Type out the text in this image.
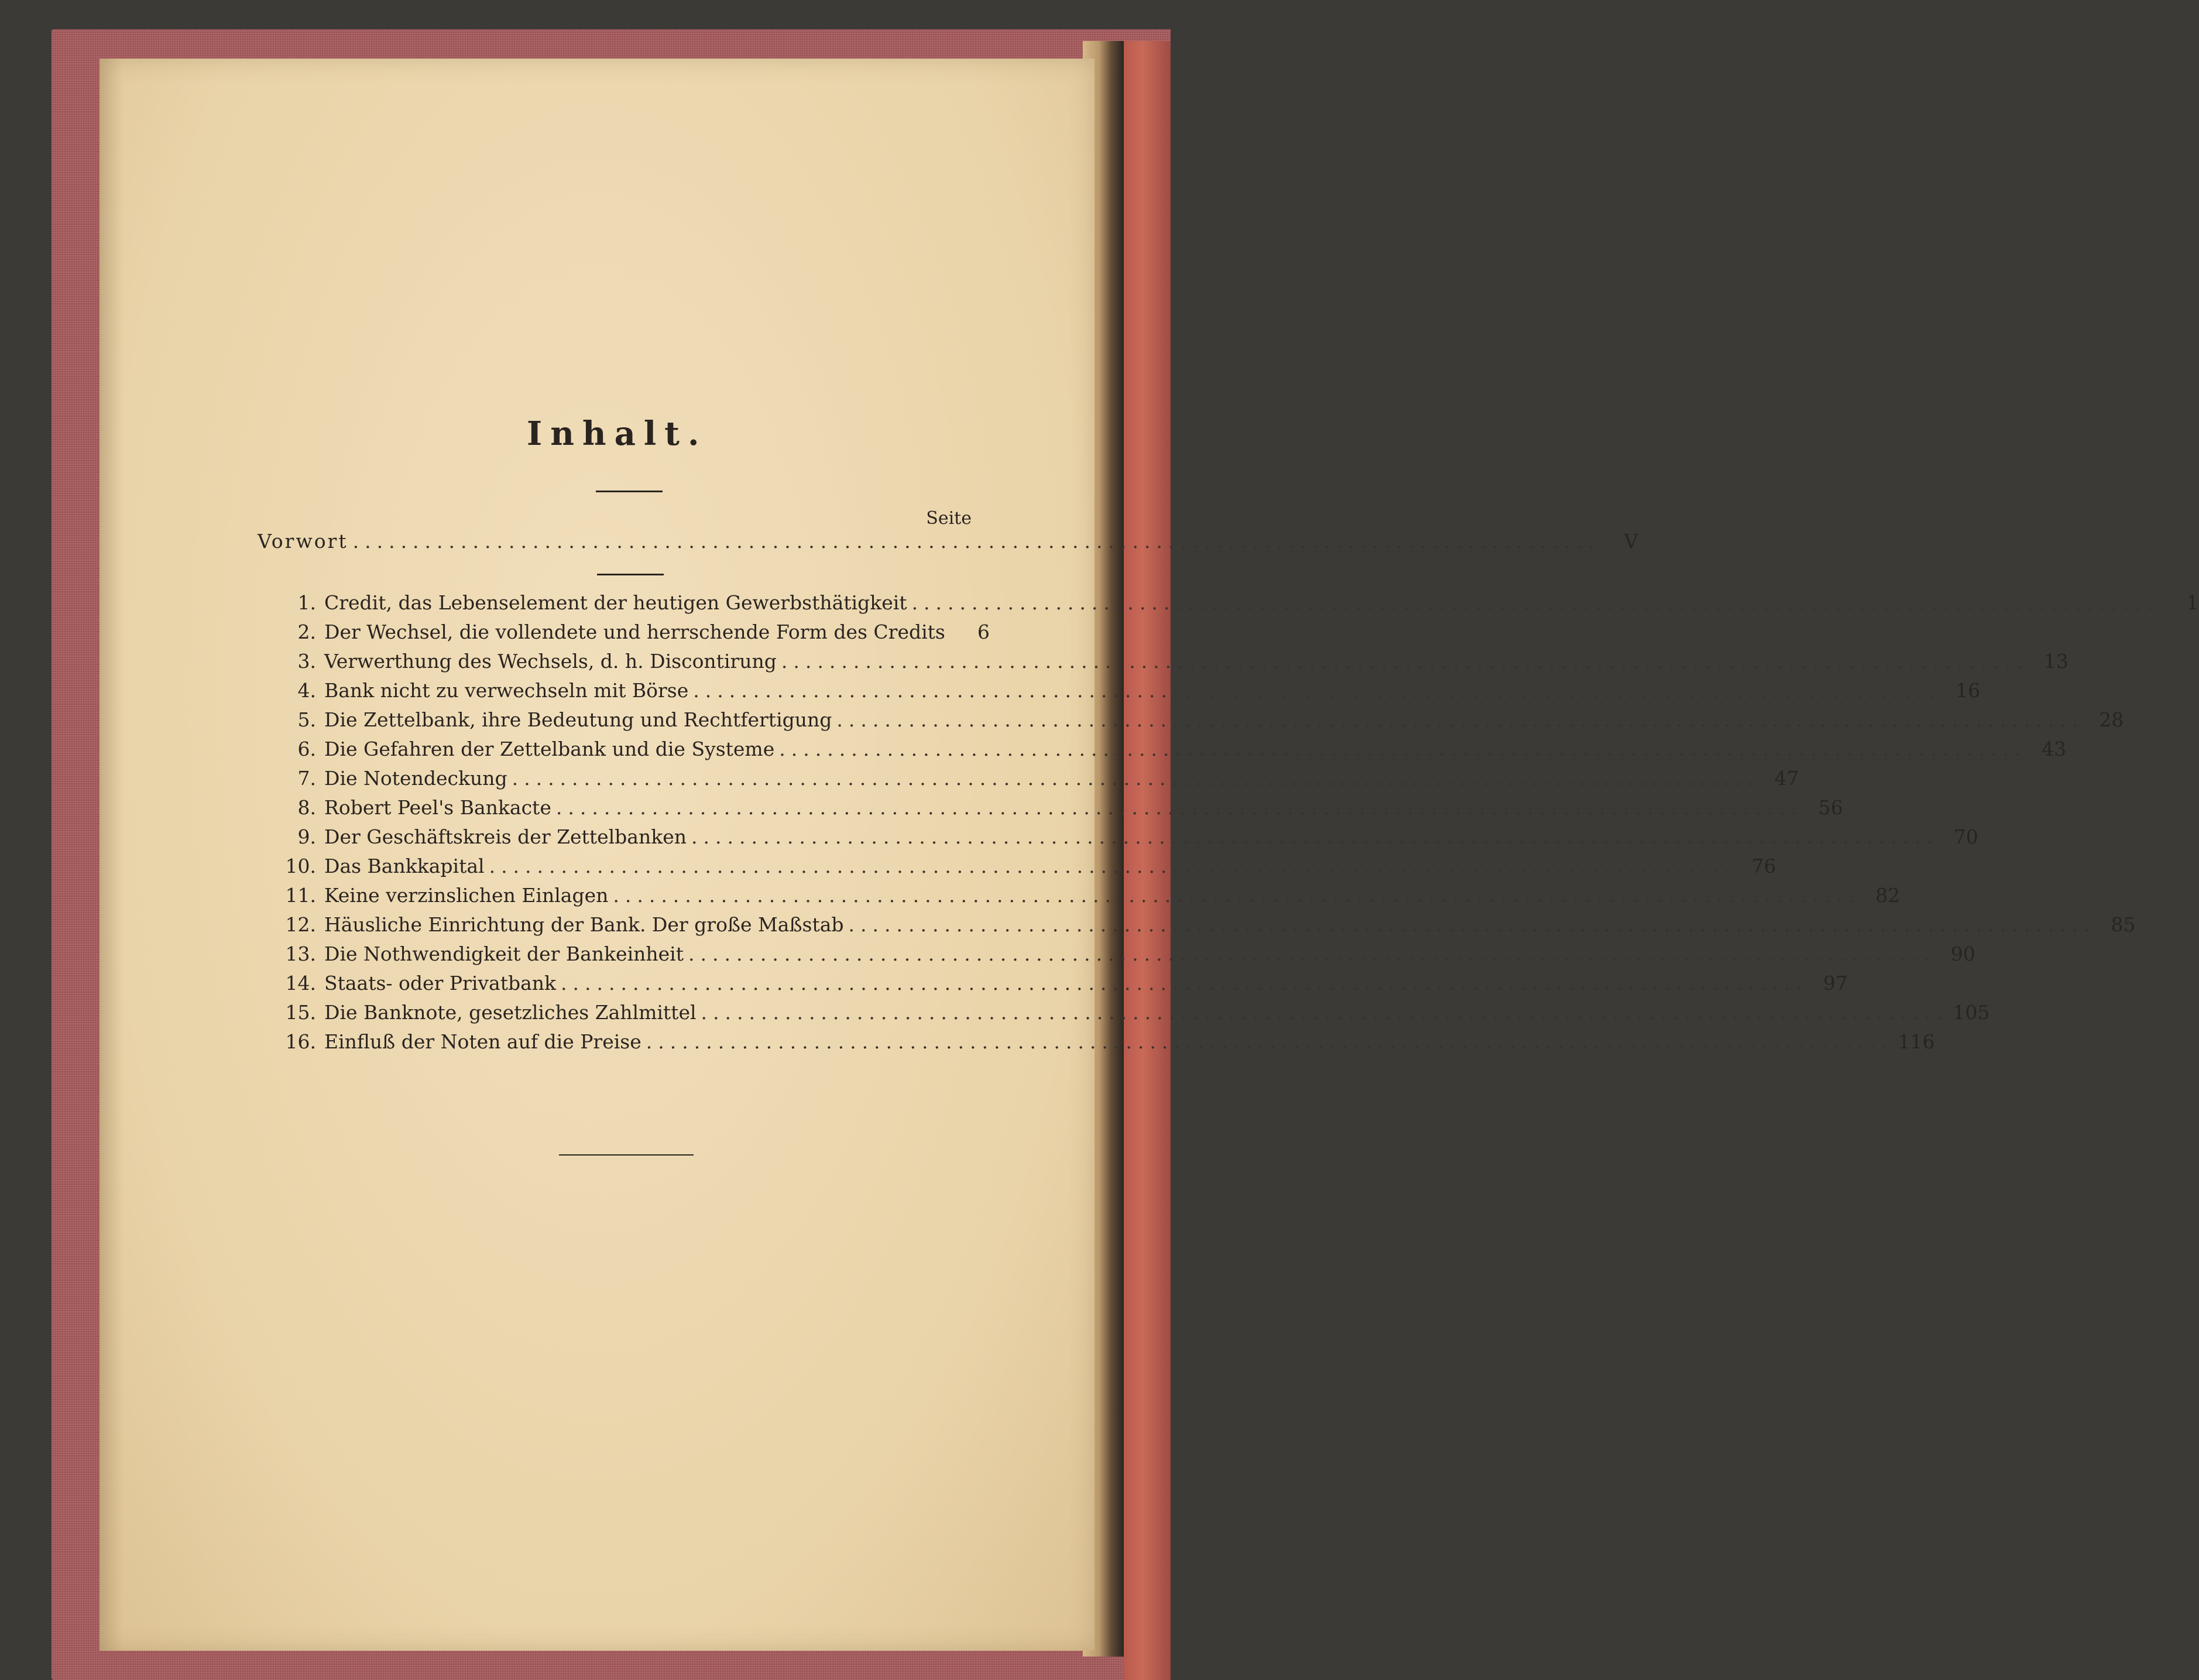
Inhalt.
Seite
Vorwort ........................................................................................................	V
1. Credit, das Lebenselement der heutigen Gewerbsthätigkeit ........................................................................................................	1
2. Der Wechsel, die vollendete und herrschende Form des Credits	6
3. Verwerthung des Wechsels, d. h. Discontirung ........................................................................................................ 13
4. Bank nicht zu verwechseln mit Börse ........................................................................................................ 16
5. Die Zettelbank, ihre Bedeutung und Rechtfertigung ........................................................................................................ 28
6. Die Gefahren der Zettelbank und die Systeme ........................................................................................................ 43
7. Die Notendeckung ........................................................................................................ 47
8. Robert Peel's Bankacte ........................................................................................................ 56
9. Der Geschäftskreis der Zettelbanken ........................................................................................................ 70
10. Das Bankkapital ........................................................................................................ 76
11. Keine verzinslichen Einlagen ........................................................................................................ 82
12. Häusliche Einrichtung der Bank. Der große Maßstab ........................................................................................................ 85
13. Die Nothwendigkeit der Bankeinheit ........................................................................................................ 90
14. Staats- oder Privatbank ........................................................................................................ 97
15. Die Banknote, gesetzliches Zahlmittel ........................................................................................................ 105
16. Einfluß der Noten auf die Preise ........................................................................................................ 116
